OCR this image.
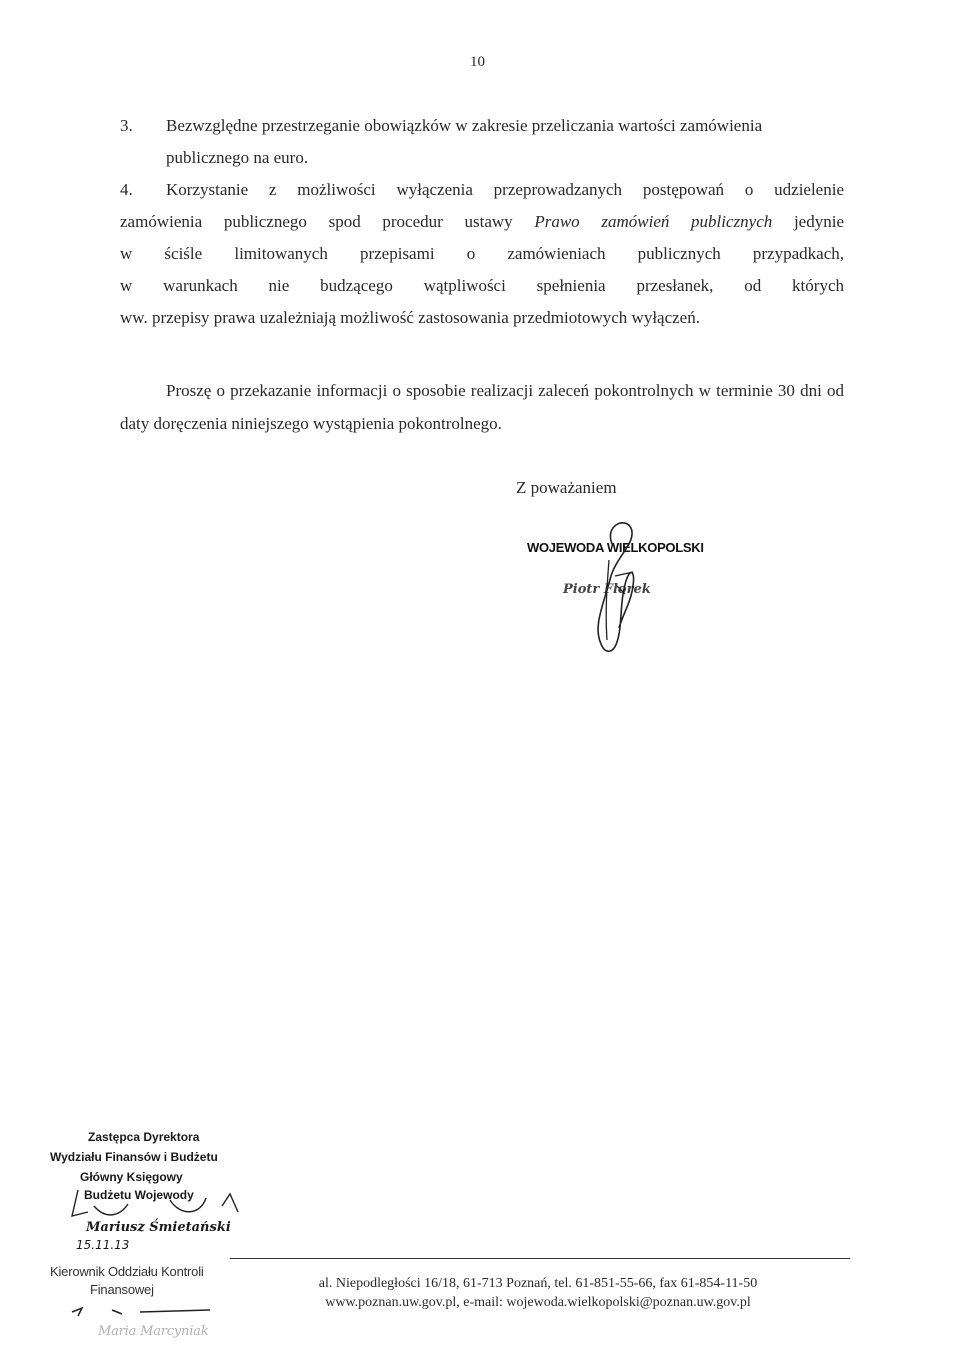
10
3. Bezwzględne przestrzeganie obowiązków w zakresie przeliczania wartości zamówienia
publicznego na euro.
4. Korzystanie z możliwości wyłączenia przeprowadzanych postępowań o udzielenie
zamówienia publicznego spod procedur ustawy Prawo zamówień publicznych jedynie
w ściśle limitowanych przepisami o zamówieniach publicznych przypadkach,
w warunkach nie budzącego wątpliwości spełnienia przesłanek, od których
ww. przepisy prawa uzależniają możliwość zastosowania przedmiotowych wyłączeń.
Proszę o przekazanie informacji o sposobie realizacji zaleceń pokontrolnych w terminie 30 dni od daty doręczenia niniejszego wystąpienia pokontrolnego.
Z poważaniem
WOJEWODA WIELKOPOLSKI
Piotr Florek
Zastępca Dyrektora
Wydziału Finansów i Budżetu
Główny Księgowy
Budżetu Wojewody
Mariusz Śmietański
15.11.13
al. Niepodległości 16/18, 61-713 Poznań, tel. 61-851-55-66, fax 61-854-11-50
www.poznan.uw.gov.pl, e-mail: wojewoda.wielkopolski@poznan.uw.gov.pl
Kierownik Oddziału Kontroli
Finansowej
Maria Marcyniak
